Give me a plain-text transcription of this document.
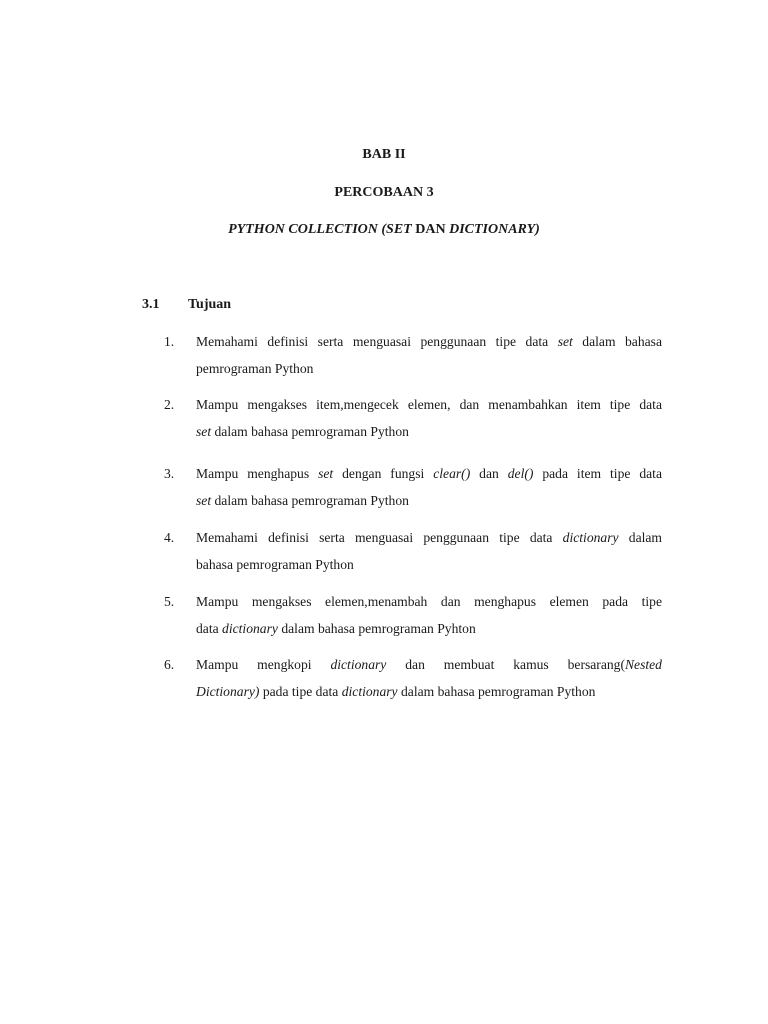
BAB II
PERCOBAAN 3
PYTHON COLLECTION (SET DAN DICTIONARY)
3.1 Tujuan
1.	Memahami definisi serta menguasai penggunaan tipe data set dalam bahasa
pemrograman Python
2.	Mampu mengakses item,mengecek elemen, dan menambahkan item tipe data
set dalam bahasa pemrograman Python
3.	Mampu menghapus set dengan fungsi clear() dan del() pada item tipe data
set dalam bahasa pemrograman Python
4.	Memahami definisi serta menguasai penggunaan tipe data dictionary dalam
bahasa pemrograman Python
5.	Mampu mengakses elemen,menambah dan menghapus elemen pada tipe
data dictionary dalam bahasa pemrograman Pyhton
6.	Mampu mengkopi dictionary dan membuat kamus bersarang(Nested
Dictionary) pada tipe data dictionary dalam bahasa pemrograman Python
